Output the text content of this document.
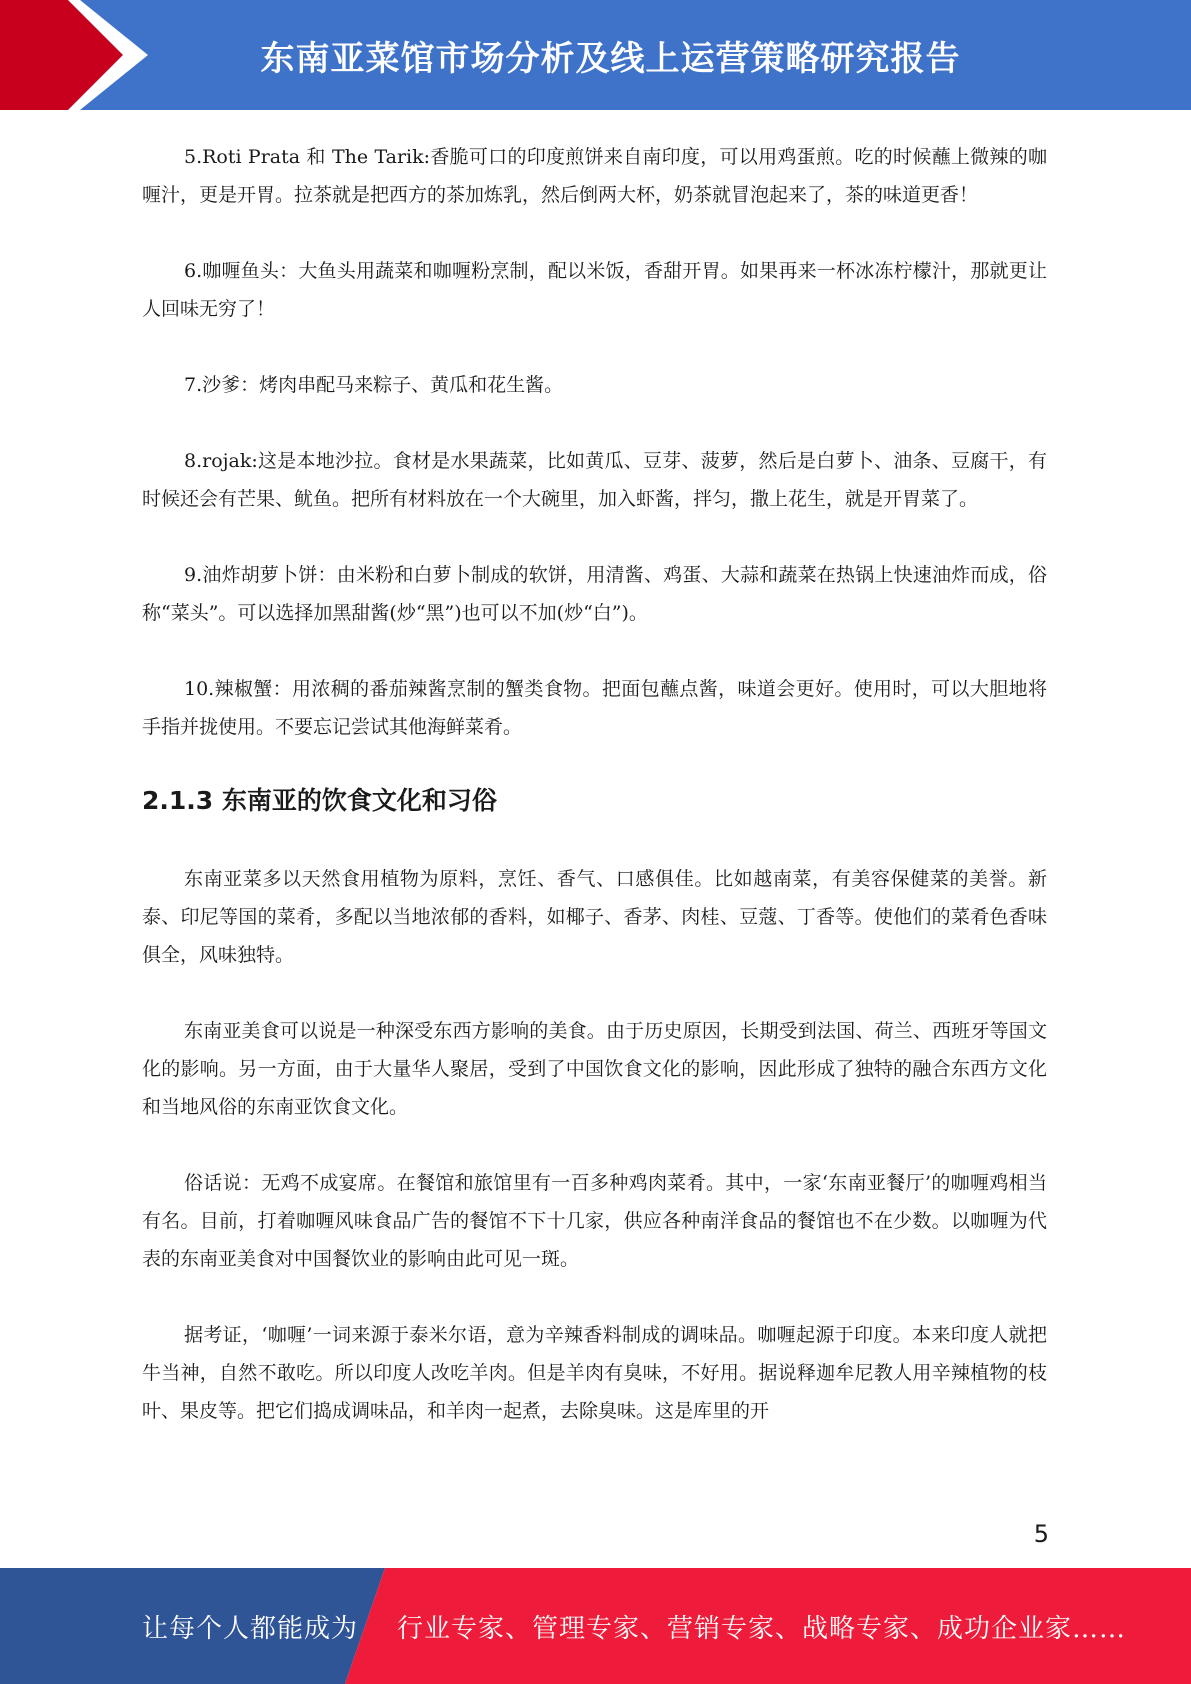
东南亚菜馆市场分析及线上运营策略研究报告

5.Roti Prata 和 The Tarik:香脆可口的印度煎饼来自南印度，可以用鸡蛋煎。吃的时候蘸上微辣的咖喱汁，更是开胃。拉茶就是把西方的茶加炼乳，然后倒两大杯，奶茶就冒泡起来了，茶的味道更香！

6.咖喱鱼头：大鱼头用蔬菜和咖喱粉烹制，配以米饭，香甜开胃。如果再来一杯冰冻柠檬汁，那就更让人回味无穷了！

7.沙爹：烤肉串配马来粽子、黄瓜和花生酱。

8.rojak:这是本地沙拉。食材是水果蔬菜，比如黄瓜、豆芽、菠萝，然后是白萝卜、油条、豆腐干，有时候还会有芒果、鱿鱼。把所有材料放在一个大碗里，加入虾酱，拌匀，撒上花生，就是开胃菜了。

9.油炸胡萝卜饼：由米粉和白萝卜制成的软饼，用清酱、鸡蛋、大蒜和蔬菜在热锅上快速油炸而成，俗称“菜头”。可以选择加黑甜酱(炒“黑”)也可以不加(炒“白”)。

10.辣椒蟹：用浓稠的番茄辣酱烹制的蟹类食物。把面包蘸点酱，味道会更好。使用时，可以大胆地将手指并拢使用。不要忘记尝试其他海鲜菜肴。

2.1.3 东南亚的饮食文化和习俗

东南亚菜多以天然食用植物为原料，烹饪、香气、口感俱佳。比如越南菜，有美容保健菜的美誉。新泰、印尼等国的菜肴，多配以当地浓郁的香料，如椰子、香茅、肉桂、豆蔻、丁香等。使他们的菜肴色香味俱全，风味独特。

东南亚美食可以说是一种深受东西方影响的美食。由于历史原因，长期受到法国、荷兰、西班牙等国文化的影响。另一方面，由于大量华人聚居，受到了中国饮食文化的影响，因此形成了独特的融合东西方文化和当地风俗的东南亚饮食文化。

俗话说：无鸡不成宴席。在餐馆和旅馆里有一百多种鸡肉菜肴。其中，一家‘东南亚餐厅’的咖喱鸡相当有名。目前，打着咖喱风味食品广告的餐馆不下十几家，供应各种南洋食品的餐馆也不在少数。以咖喱为代表的东南亚美食对中国餐饮业的影响由此可见一斑。

据考证，‘咖喱’一词来源于泰米尔语，意为辛辣香料制成的调味品。咖喱起源于印度。本来印度人就把牛当神，自然不敢吃。所以印度人改吃羊肉。但是羊肉有臭味，不好用。据说释迦牟尼教人用辛辣植物的枝叶、果皮等。把它们捣成调味品，和羊肉一起煮，去除臭味。这是库里的开

5
让每个人都能成为 行业专家、管理专家、营销专家、战略专家、成功企业家……
